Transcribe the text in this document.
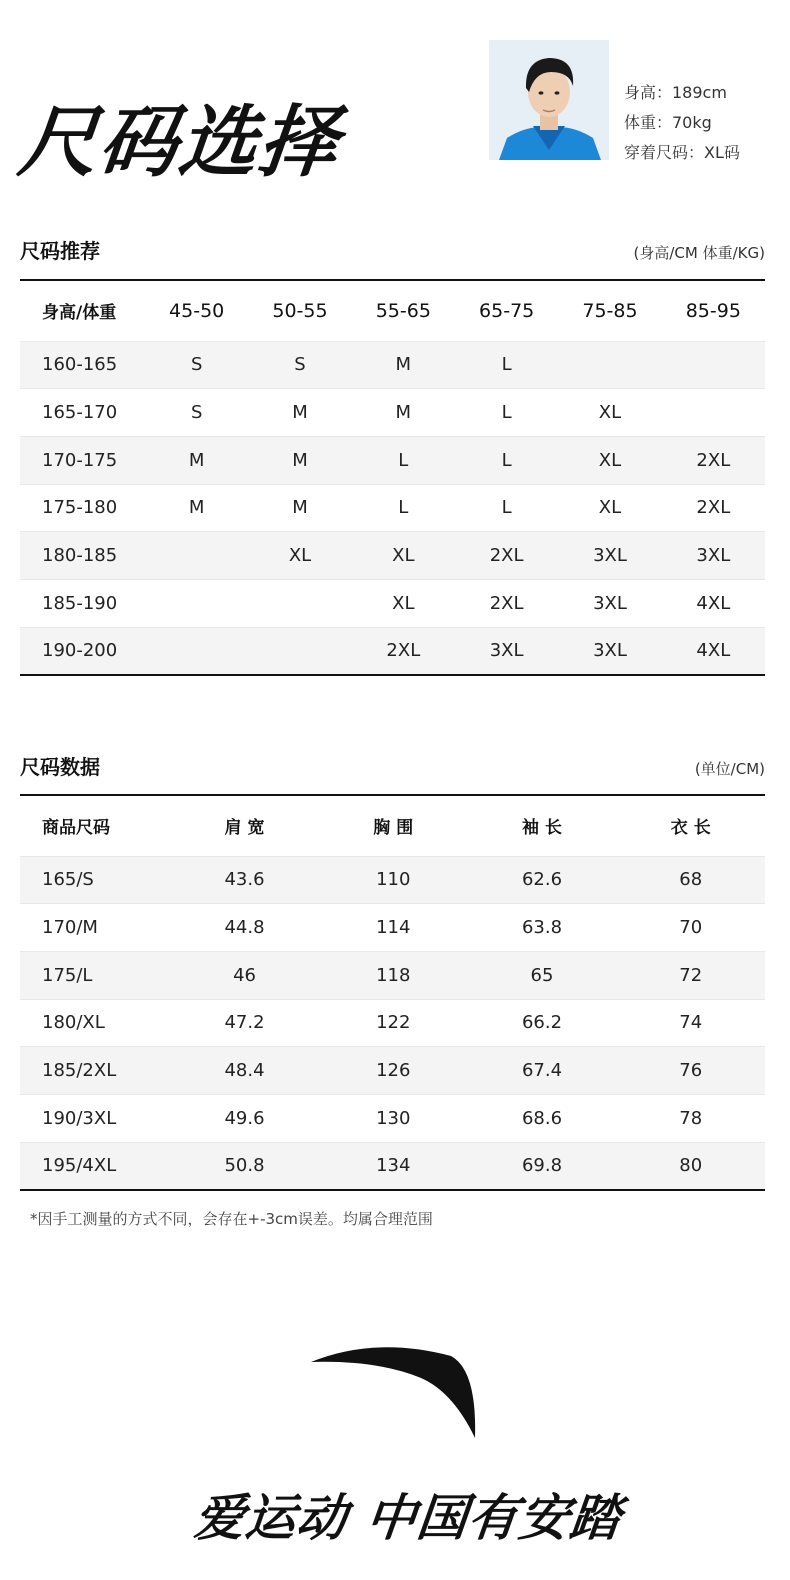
尺码选择
身高：189cm
体重：70kg
穿着尺码：XL码
尺码推荐	(身高/CM 体重/KG)
身高/体重	45-50	50-55	55-65	65-75	75-85	85-95
160-165	S	S	M	L		
165-170	S	M	M	L	XL	
170-175	M	M	L	L	XL	2XL
175-180	M	M	L	L	XL	2XL
180-185		XL	XL	2XL	3XL	3XL
185-190			XL	2XL	3XL	4XL
190-200			2XL	3XL	3XL	4XL
尺码数据	(单位/CM)
商品尺码	肩 宽	胸 围	袖 长	衣 长
165/S	43.6	110	62.6	68
170/M	44.8	114	63.8	70
175/L	46	118	65	72
180/XL	47.2	122	66.2	74
185/2XL	48.4	126	67.4	76
190/3XL	49.6	130	68.6	78
195/4XL	50.8	134	69.8	80
*因手工测量的方式不同，会存在+-3cm误差。均属合理范围
爱运动 中国有安踏
